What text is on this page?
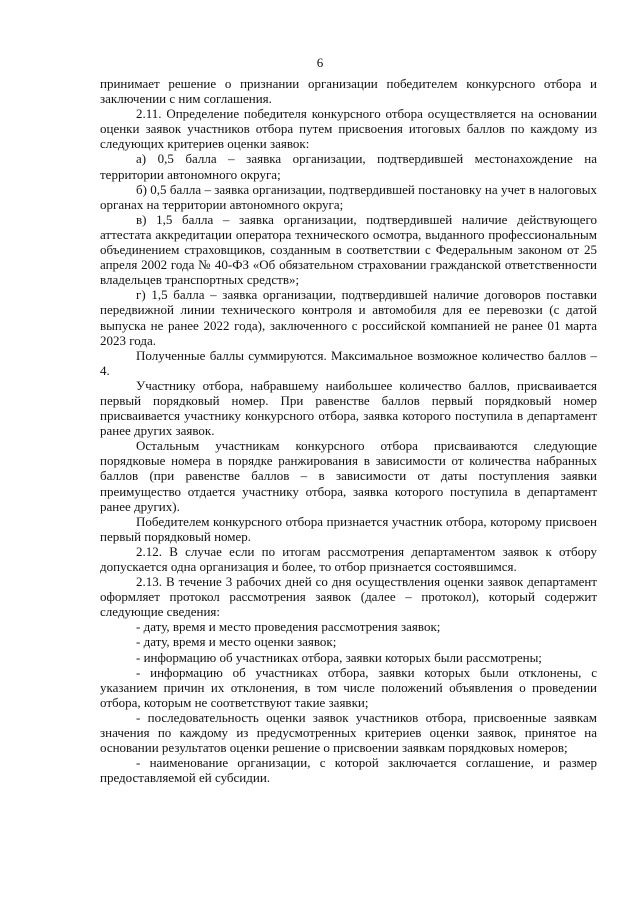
6

принимает решение о признании организации победителем конкурсного отбора и заключении с ним соглашения.

2.11. Определение победителя конкурсного отбора осуществляется на основании оценки заявок участников отбора путем присвоения итоговых баллов по каждому из следующих критериев оценки заявок:

а) 0,5 балла – заявка организации, подтвердившей местонахождение на территории автономного округа;

б) 0,5 балла – заявка организации, подтвердившей постановку на учет в налоговых органах на территории автономного округа;

в) 1,5 балла – заявка организации, подтвердившей наличие действующего аттестата аккредитации оператора технического осмотра, выданного профессиональным объединением страховщиков, созданным в соответствии с Федеральным законом от 25 апреля 2002 года № 40-ФЗ «Об обязательном страховании гражданской ответственности владельцев транспортных средств»;

г) 1,5 балла – заявка организации, подтвердившей наличие договоров поставки передвижной линии технического контроля и автомобиля для ее перевозки (с датой выпуска не ранее 2022 года), заключенного с российской компанией не ранее 01 марта 2023 года.

Полученные баллы суммируются. Максимальное возможное количество баллов – 4.

Участнику отбора, набравшему наибольшее количество баллов, присваивается первый порядковый номер. При равенстве баллов первый порядковый номер присваивается участнику конкурсного отбора, заявка которого поступила в департамент ранее других заявок.

Остальным участникам конкурсного отбора присваиваются следующие порядковые номера в порядке ранжирования в зависимости от количества набранных баллов (при равенстве баллов – в зависимости от даты поступления заявки преимущество отдается участнику отбора, заявка которого поступила в департамент ранее других).

Победителем конкурсного отбора признается участник отбора, которому присвоен первый порядковый номер.

2.12. В случае если по итогам рассмотрения департаментом заявок к отбору допускается одна организация и более, то отбор признается состоявшимся.

2.13. В течение 3 рабочих дней со дня осуществления оценки заявок департамент оформляет протокол рассмотрения заявок (далее – протокол), который содержит следующие сведения:

- дату, время и место проведения рассмотрения заявок;

- дату, время и место оценки заявок;

- информацию об участниках отбора, заявки которых были рассмотрены;

- информацию об участниках отбора, заявки которых были отклонены, с указанием причин их отклонения, в том числе положений объявления о проведении отбора, которым не соответствуют такие заявки;

- последовательность оценки заявок участников отбора, присвоенные заявкам значения по каждому из предусмотренных критериев оценки заявок, принятое на основании результатов оценки решение о присвоении заявкам порядковых номеров;

- наименование организации, с которой заключается соглашение, и размер предоставляемой ей субсидии.
